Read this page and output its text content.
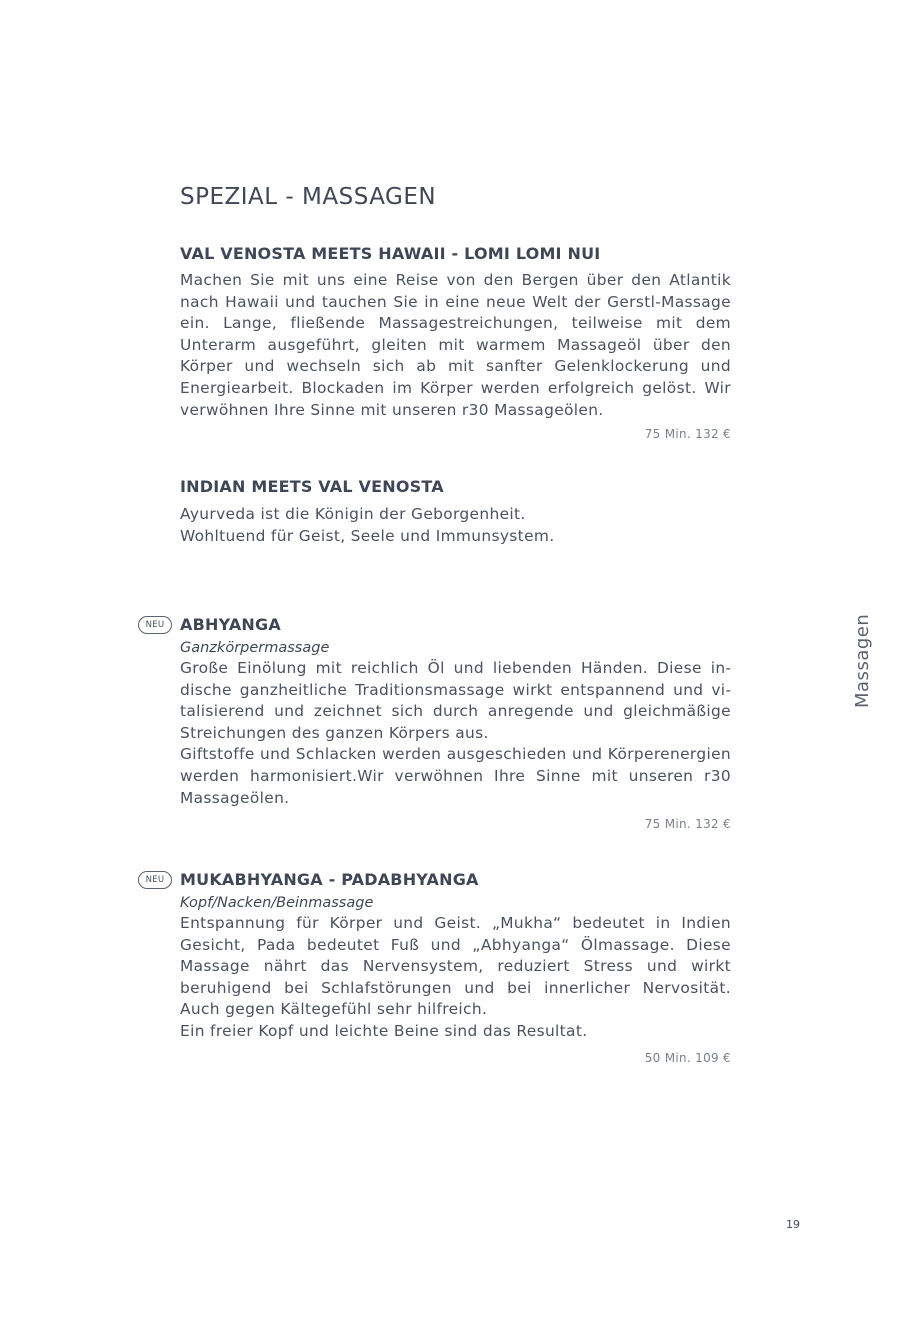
SPEZIAL - MASSAGEN
VAL VENOSTA MEETS HAWAII - LOMI LOMI NUI

Machen Sie mit uns eine Reise von den Bergen über den Atlantik nach Hawaii und tauchen Sie in eine neue Welt der Gerstl-Massage ein. Lange, fließende Massagestreichungen, teilweise mit dem Unterarm ausgeführt, gleiten mit warmem Massageöl über den Körper und wechseln sich ab mit sanfter Gelenklockerung und Energiearbeit. Blockaden im Körper werden erfolgreich gelöst. Wir verwöhnen Ihre Sinne mit unseren r30 Massageölen.

75 Min. 132 €
INDIAN MEETS VAL VENOSTA

Ayurveda ist die Königin der Geborgenheit.

Wohltuend für Geist, Seele und Immunsystem.

NEU ABHYANGA
Ganzkörpermassage

Große Einölung mit reichlich Öl und liebenden Händen. Diese indische ganzheitliche Traditionsmassage wirkt entspannend und vitalisierend und zeichnet sich durch anregende und gleichmäßige Streichungen des ganzen Körpers aus.

Giftstoffe und Schlacken werden ausgeschieden und Körperenergien werden harmonisiert.Wir verwöhnen Ihre Sinne mit unseren r30 Massageölen.

75 Min. 132 €
NEU MUKABHYANGA - PADABHYANGA
Kopf/Nacken/Beinmassage

Entspannung für Körper und Geist. „Mukha“ bedeutet in Indien Gesicht, Pada bedeutet Fuß und „Abhyanga“ Ölmassage. Diese Massage nährt das Nervensystem, reduziert Stress und wirkt beruhigend bei Schlafstörungen und bei innerlicher Nervosität. Auch gegen Kältegefühl sehr hilfreich.

Ein freier Kopf und leichte Beine sind das Resultat.

50 Min. 109 €
Massagen
19
